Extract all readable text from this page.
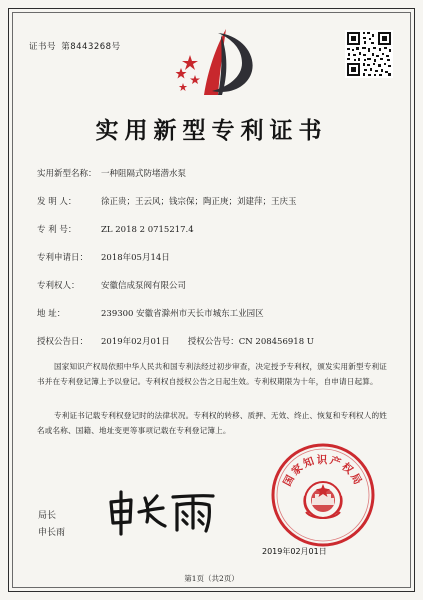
证书号 第8443268号
实用新型专利证书
实用新型名称： 一种阻隔式防堵潜水泵
发 明 人：	徐正贵；王云风；钱宗保；陶正庚；刘建萍；王庆玉
专 利 号：	ZL 2018 2 0715217.4
专利申请日： 2018年05月14日
专利权人：	安徽信成泵阀有限公司
地 址：	239300 安徽省滁州市天长市城东工业园区
授权公告日： 2019年02月01日 授权公告号：CN 208456918 U

国家知识产权局依照中华人民共和国专利法经过初步审查，决定授予专利权，颁发实用新型专利证书并在专利登记簿上予以登记。专利权自授权公告之日起生效。专利权期限为十年，自申请日起算。

专利证书记载专利权登记时的法律状况。专利权的转移、质押、无效、终止、恢复和专利权人的姓名或名称、国籍、地址变更等事项记载在专利登记簿上。

局长
申长雨
国家知识产权局
2019年02月01日
第1页（共2页）
